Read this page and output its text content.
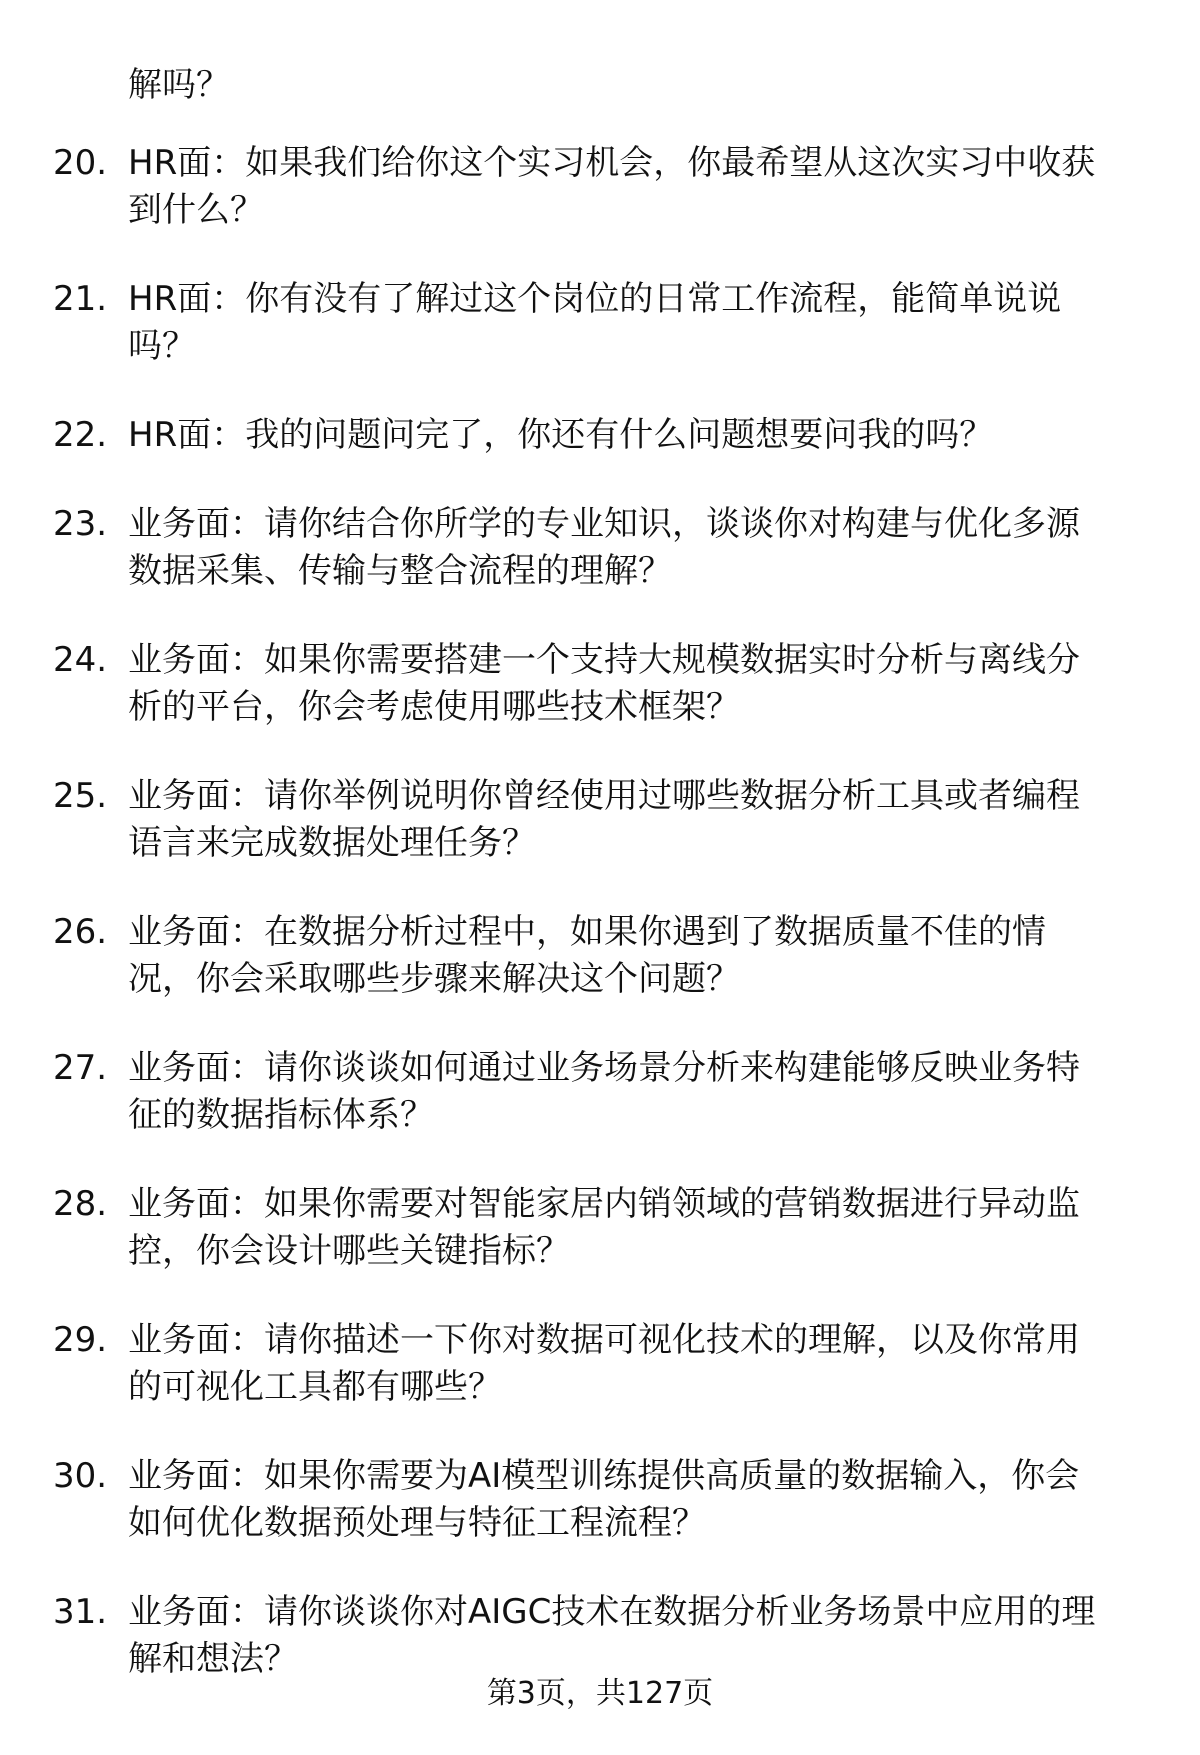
解吗？
20. HR面：如果我们给你这个实习机会，你最希望从这次实习中收获
到什么？
21. HR面：你有没有了解过这个岗位的日常工作流程，能简单说说
吗？
22. HR面：我的问题问完了，你还有什么问题想要问我的吗？
23. 业务面：请你结合你所学的专业知识，谈谈你对构建与优化多源
数据采集、传输与整合流程的理解？
24. 业务面：如果你需要搭建一个支持大规模数据实时分析与离线分
析的平台，你会考虑使用哪些技术框架？
25. 业务面：请你举例说明你曾经使用过哪些数据分析工具或者编程
语言来完成数据处理任务？
26. 业务面：在数据分析过程中，如果你遇到了数据质量不佳的情
况，你会采取哪些步骤来解决这个问题？
27. 业务面：请你谈谈如何通过业务场景分析来构建能够反映业务特
征的数据指标体系？
28. 业务面：如果你需要对智能家居内销领域的营销数据进行异动监
控，你会设计哪些关键指标？
29. 业务面：请你描述一下你对数据可视化技术的理解，以及你常用
的可视化工具都有哪些？
30. 业务面：如果你需要为AI模型训练提供高质量的数据输入，你会
如何优化数据预处理与特征工程流程？
31. 业务面：请你谈谈你对AIGC技术在数据分析业务场景中应用的理
解和想法？
第3页，共127页
